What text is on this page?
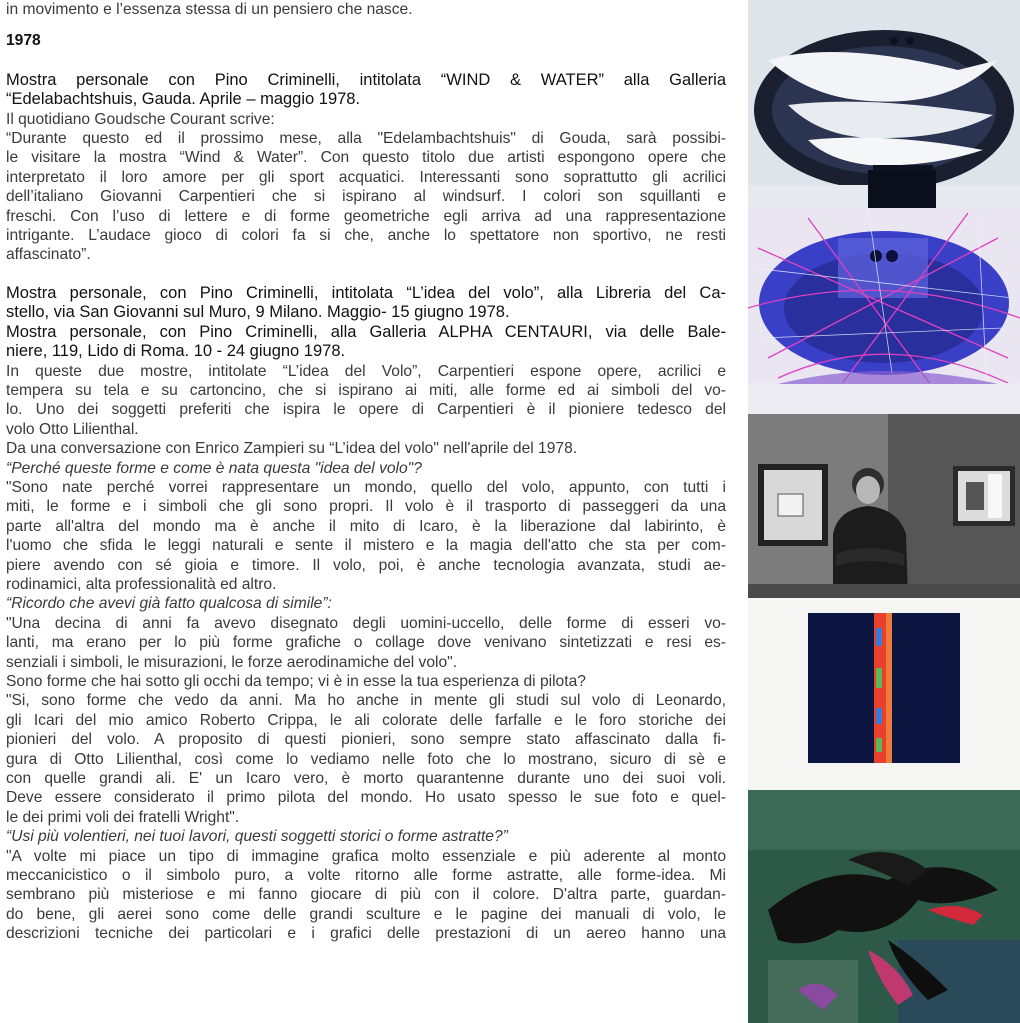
in movimento e l’essenza stessa di un pensiero che nasce.
1978
Mostra personale con Pino Criminelli, intitolata “WIND & WATER” alla Galleria
“Edelabachtshuis, Gauda. Aprile – maggio 1978.
Il quotidiano Goudsche Courant scrive:
“Durante questo ed il prossimo mese, alla "Edelambachtshuis" di Gouda, sarà possibi-
le visitare la mostra “Wind & Water”. Con questo titolo due artisti espongono opere che
interpretato il loro amore per gli sport acquatici. Interessanti sono soprattutto gli acrilici
dell’italiano Giovanni Carpentieri che si ispirano al windsurf. I colori son squillanti e
freschi. Con l’uso di lettere e di forme geometriche egli arriva ad una rappresentazione
intrigante. L’audace gioco di colori fa si che, anche lo spettatore non sportivo, ne resti
affascinato”.
Mostra personale, con Pino Criminelli, intitolata “L’idea del volo”, alla Libreria del Ca-
stello, via San Giovanni sul Muro, 9 Milano. Maggio- 15 giugno 1978.
Mostra personale, con Pino Criminelli, alla Galleria ALPHA CENTAURI, via delle Bale-
niere, 119, Lido di Roma. 10 - 24 giugno 1978.
In queste due mostre, intitolate “L’idea del Volo”, Carpentieri espone opere, acrilici e
tempera su tela e su cartoncino, che si ispirano ai miti, alle forme ed ai simboli del vo-
lo. Uno dei soggetti preferiti che ispira le opere di Carpentieri è il pioniere tedesco del
volo Otto Lilienthal.
Da una conversazione con Enrico Zampieri su “L’idea del volo" nell'aprile del 1978.
“Perché queste forme e come è nata questa "idea del volo"?
"Sono nate perché vorrei rappresentare un mondo, quello del volo, appunto, con tutti i
miti, le forme e i simboli che gli sono propri. Il volo è il trasporto di passeggeri da una
parte all'altra del mondo ma è anche il mito di Icaro, è la liberazione dal labirinto, è
l'uomo che sfida le leggi naturali e sente il mistero e la magia dell'atto che sta per com-
piere avendo con sé gioia e timore. Il volo, poi, è anche tecnologia avanzata, studi ae-
rodinamici, alta professionalità ed altro.
“Ricordo che avevi già fatto qualcosa di simile”:
"Una decina di anni fa avevo disegnato degli uomini-uccello, delle forme di esseri vo-
lanti, ma erano per lo più forme grafiche o collage dove venivano sintetizzati e resi es-
senziali i simboli, le misurazioni, le forze aerodinamiche del volo".
Sono forme che hai sotto gli occhi da tempo; vi è in esse la tua esperienza di pilota?
"Si, sono forme che vedo da anni. Ma ho anche in mente gli studi sul volo di Leonardo,
gli Icari del mio amico Roberto Crippa, le ali colorate delle farfalle e le foro storiche dei
pionieri del volo. A proposito di questi pionieri, sono sempre stato affascinato dalla fi-
gura di Otto Lilienthal, così come lo vediamo nelle foto che lo mostrano, sicuro di sè e
con quelle grandi ali. E' un Icaro vero, è morto quarantenne durante uno dei suoi voli.
Deve essere considerato il primo pilota del mondo. Ho usato spesso le sue foto e quel-
le dei primi voli dei fratelli Wright".
“Usi più volentieri, nei tuoi lavori, questi soggetti storici o forme astratte?”
"A volte mi piace un tipo di immagine grafica molto essenziale e più aderente al monto
meccanicistico o il simbolo puro, a volte ritorno alle forme astratte, alle forme-idea. Mi
sembrano più misteriose e mi fanno giocare di più con il colore. D'altra parte, guardan-
do bene, gli aerei sono come delle grandi sculture e le pagine dei manuali di volo, le
descrizioni tecniche dei particolari e i grafici delle prestazioni di un aereo hanno una
